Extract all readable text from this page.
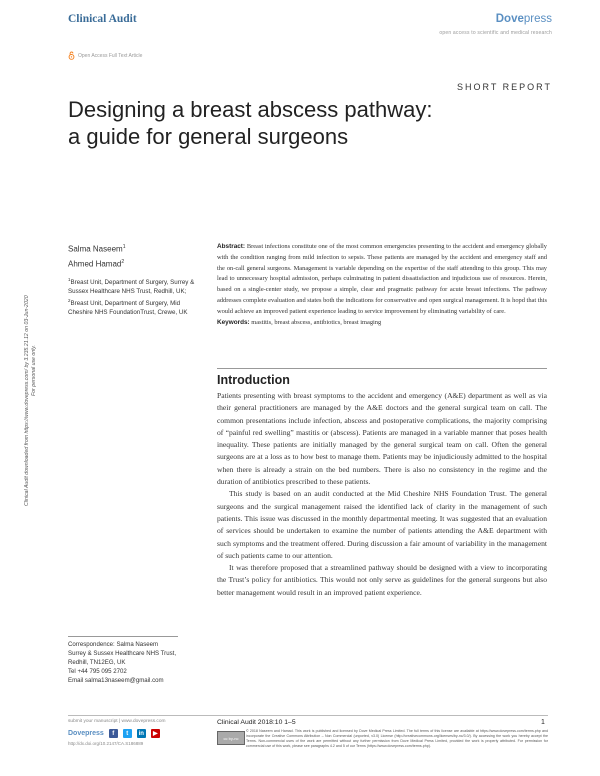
Clinical Audit	Dovepress
open access to scientific and medical research
Open Access Full Text Article
SHORT REPORT
Designing a breast abscess pathway:
a guide for general surgeons
Clinical Audit downloaded from https://www.dovepress.com/ by 3.235.21.12 on 03-Jun-2020 For personal use only.
Salma Naseem$^1$
Ahmed Hamad$^2$
$^1$Breast Unit, Department of Surgery, Surrey & Sussex Healthcare NHS Trust, Redhill, UK; $^2$Breast Unit, Department of Surgery, Mid Cheshire NHS FoundationTrust, Crewe, UK
Abstract: Breast infections constitute one of the most common emergencies presenting to the accident and emergency globally with the condition ranging from mild infection to sepsis. These patients are managed by the accident and emergency staff and the on-call general surgeons. Management is variable depending on the expertise of the staff attending to this group. This may lead to unnecessary hospital admission, perhaps culminating in patient dissatisfaction and injudicious use of resources. Herein, based on a single-center study, we propose a simple, clear and pragmatic pathway for acute breast infections. The pathway addresses complete evaluation and states both the indications for conservative and open surgical management. It is hopd that this would achieve an improved patient experience leading to service improvement by eliminating variability of care.
Keywords: mastitis, breast abscess, antibiotics, breast imaging
Introduction

Patients presenting with breast symptoms to the accident and emergency (A&E) department as well as via their general practitioners are managed by the A&E doctors and the general surgical team on call. The common presentations include infection, abscess and postoperative complications, the majority comprising of “painful red swelling” mastitis or (abscess). Patients are managed in a variable manner that poses health inequality. These patients are initially managed by the general surgical team on call. Often the general surgeons are at a loss as to how best to manage them. Patients may be injudiciously admitted to the hospital when there is already a strain on the bed numbers. There is also no consistency in the regime and the duration of antibiotics prescribed to these patients.

This study is based on an audit conducted at the Mid Cheshire NHS Foundation Trust. The general surgeons and the surgical management raised the identified lack of clarity in the management of such patients. This issue was discussed in the monthly departmental meeting. It was suggested that an evaluation of services should be undertaken to examine the number of patients attending the A&E department with such symptoms and the treatment offered. During discussion a fair amount of variability in the management of such patients came to our attention.

It was therefore proposed that a streamlined pathway should be designed with a view to incorporating the Trust’s policy for antibiotics. This would not only serve as guidelines for the general surgeons but also better management would result in an improved patient experience.

Correspondence: Salma Naseem
Surrey & Sussex Healthcare NHS Trust,
Redhill, TN12EG, UK
Tel +44 795 095 2702
Email salma13naseem@gmail.com
submit your manuscript | www.dovepress.com
Dovepress	f	t	in	▶
http://dx.doi.org/10.2147/CA.S186889
Clinical Audit 2018:10 1–5	1
cc by-nc
© 2018 Naseem and Hamad. This work is published and licensed by Dove Medical Press Limited. The full terms of this license are available at https://www.dovepress.com/terms.php and incorporate the Creative Commons Attribution – Non Commercial (unported, v3.0) License (http://creativecommons.org/licenses/by-nc/3.0/). By accessing the work you hereby accept the Terms. Non-commercial uses of the work are permitted without any further permission from Dove Medical Press Limited, provided the work is properly attributed. For permission for commercial use of this work, please see paragraphs 4.2 and 5 of our Terms (https://www.dovepress.com/terms.php).
